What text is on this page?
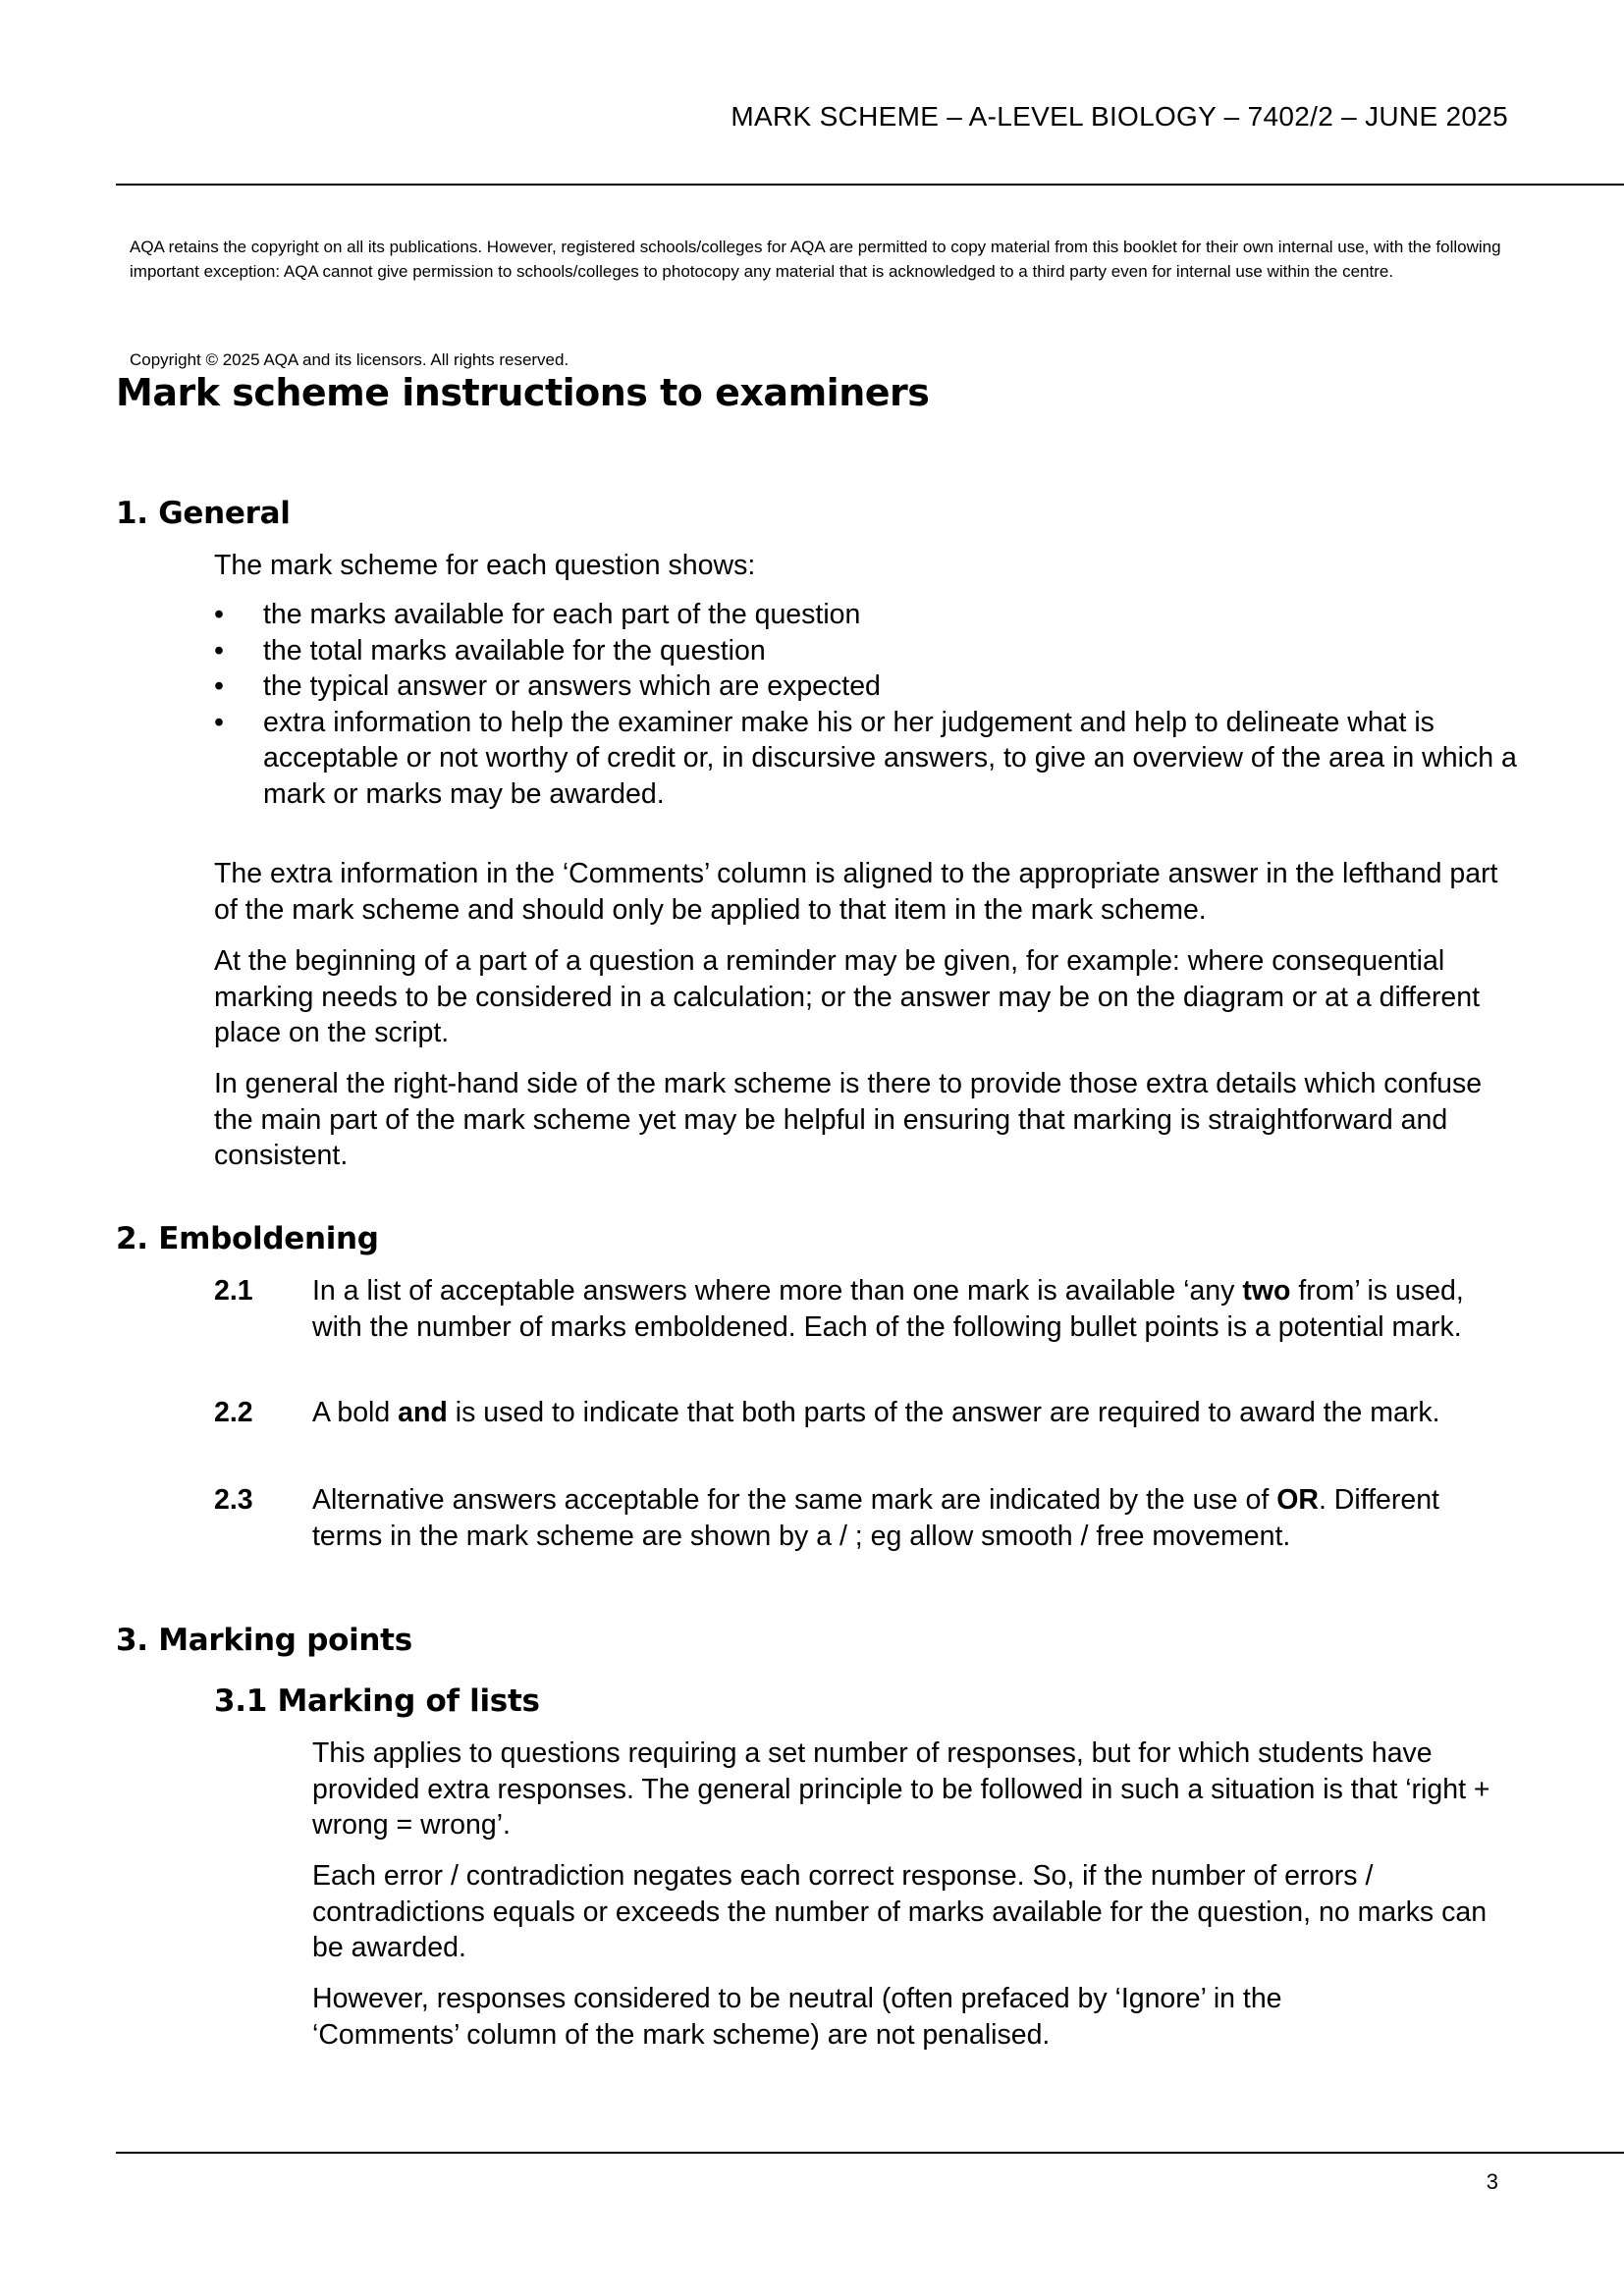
MARK SCHEME – A-LEVEL BIOLOGY – 7402/2 – JUNE 2025
AQA retains the copyright on all its publications. However, registered schools/colleges for AQA are permitted to copy material from this booklet for their own internal use, with the following important exception: AQA cannot give permission to schools/colleges to photocopy any material that is acknowledged to a third party even for internal use within the centre.
Copyright © 2025 AQA and its licensors. All rights reserved.
Mark scheme instructions to examiners
1. General

The mark scheme for each question shows:

• the marks available for each part of the question
• the total marks available for the question
• the typical answer or answers which are expected
• extra information to help the examiner make his or her judgement and help to delineate what is acceptable or not worthy of credit or, in discursive answers, to give an overview of the area in which a mark or marks may be awarded.

The extra information in the ‘Comments’ column is aligned to the appropriate answer in the lefthand part of the mark scheme and should only be applied to that item in the mark scheme.

At the beginning of a part of a question a reminder may be given, for example: where consequential marking needs to be considered in a calculation; or the answer may be on the diagram or at a different place on the script.

In general the right-hand side of the mark scheme is there to provide those extra details which confuse the main part of the mark scheme yet may be helpful in ensuring that marking is straightforward and consistent.

2. Emboldening
2.1 In a list of acceptable answers where more than one mark is available ‘any two from’ is used, with the number of marks emboldened. Each of the following bullet points is a potential mark.

2.2 A bold and is used to indicate that both parts of the answer are required to award the mark.

2.3 Alternative answers acceptable for the same mark are indicated by the use of OR. Different terms in the mark scheme are shown by a / ; eg allow smooth / free movement.

3. Marking points
3.1 Marking of lists

This applies to questions requiring a set number of responses, but for which students have provided extra responses. The general principle to be followed in such a situation is that ‘right + wrong = wrong’.

Each error / contradiction negates each correct response. So, if the number of errors / contradictions equals or exceeds the number of marks available for the question, no marks can be awarded.

However, responses considered to be neutral (often prefaced by ‘Ignore’ in the ‘Comments’ column of the mark scheme) are not penalised.

3
